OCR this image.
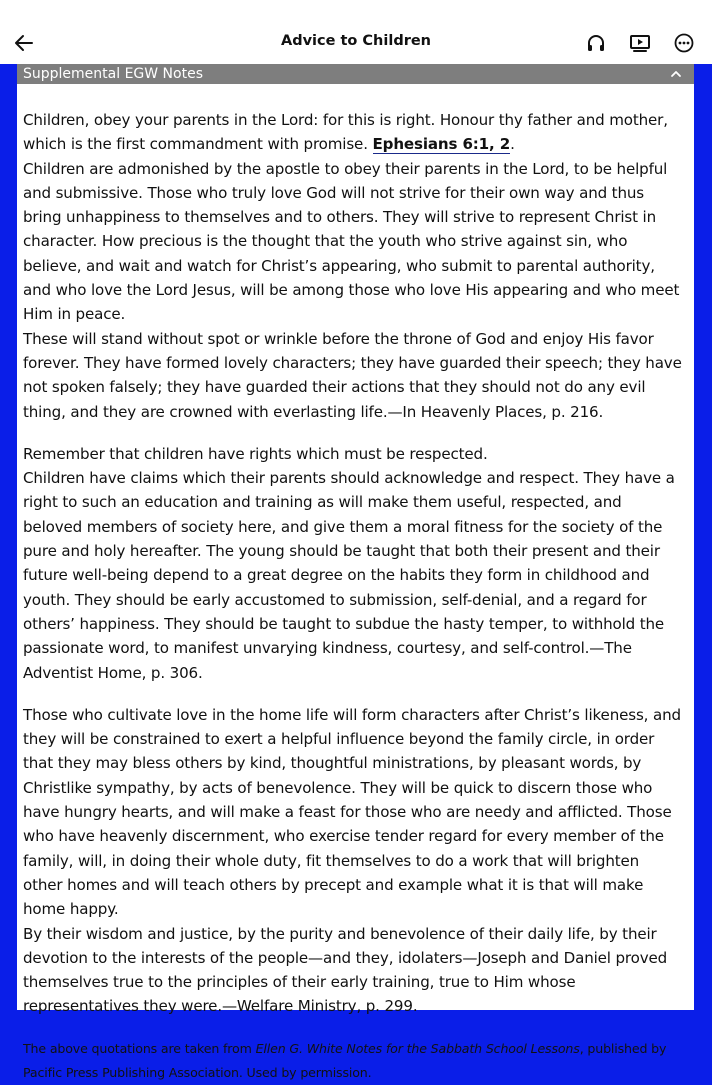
Advice to Children
Supplemental EGW Notes

Children, obey your parents in the Lord: for this is right. Honour thy father and mother, which is the first commandment with promise. Ephesians 6:1, 2.

Children are admonished by the apostle to obey their parents in the Lord, to be helpful and submissive. Those who truly love God will not strive for their own way and thus bring unhappiness to themselves and to others. They will strive to represent Christ in character. How precious is the thought that the youth who strive against sin, who believe, and wait and watch for Christ’s appearing, who submit to parental authority, and who love the Lord Jesus, will be among those who love His appearing and who meet Him in peace.

These will stand without spot or wrinkle before the throne of God and enjoy His favor forever. They have formed lovely characters; they have guarded their speech; they have not spoken falsely; they have guarded their actions that they should not do any evil thing, and they are crowned with everlasting life.—In Heavenly Places, p. 216.

Remember that children have rights which must be respected.

Children have claims which their parents should acknowledge and respect. They have a right to such an education and training as will make them useful, respected, and beloved members of society here, and give them a moral fitness for the society of the pure and holy hereafter. The young should be taught that both their present and their future well-being depend to a great degree on the habits they form in childhood and youth. They should be early accustomed to submission, self-denial, and a regard for others’ happiness. They should be taught to subdue the hasty temper, to withhold the passionate word, to manifest unvarying kindness, courtesy, and self-control.—The Adventist Home, p. 306.

Those who cultivate love in the home life will form characters after Christ’s likeness, and they will be constrained to exert a helpful influence beyond the family circle, in order that they may bless others by kind, thoughtful ministrations, by pleasant words, by Christlike sympathy, by acts of benevolence. They will be quick to discern those who have hungry hearts, and will make a feast for those who are needy and afflicted. Those who have heavenly discernment, who exercise tender regard for every member of the family, will, in doing their whole duty, fit themselves to do a work that will brighten other homes and will teach others by precept and example what it is that will make home happy.

By their wisdom and justice, by the purity and benevolence of their daily life, by their devotion to the interests of the people—and they, idolaters—Joseph and Daniel proved themselves true to the principles of their early training, true to Him whose representatives they were.—Welfare Ministry, p. 299.

The above quotations are taken from Ellen G. White Notes for the Sabbath School Lessons, published by Pacific Press Publishing Association. Used by permission.
